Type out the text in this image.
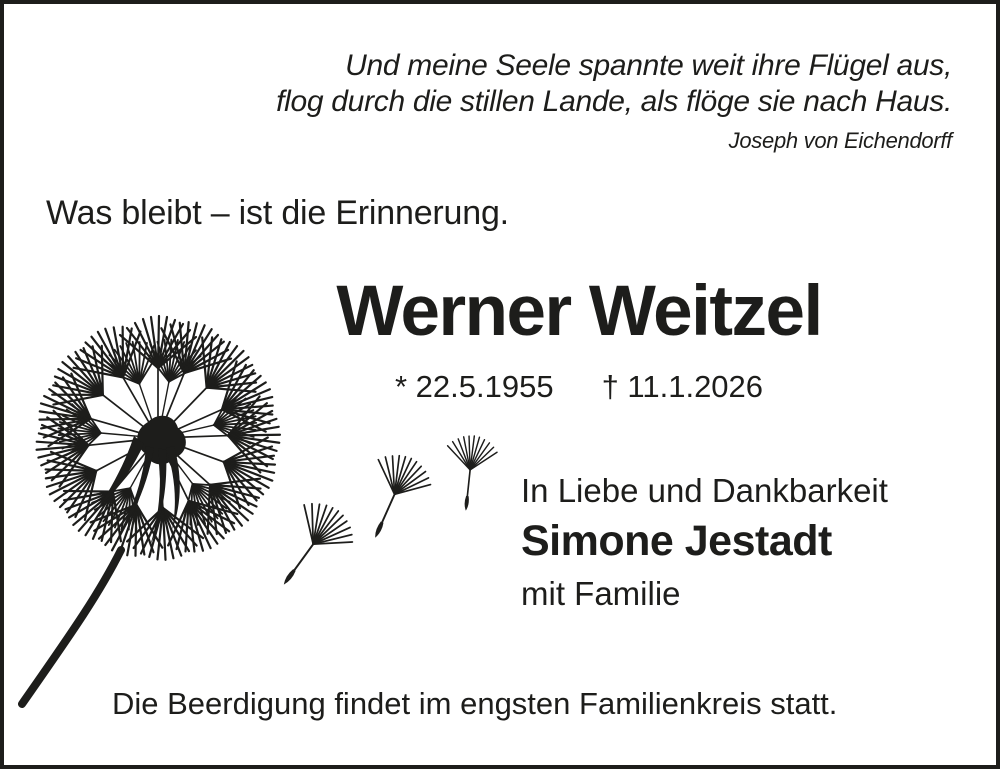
Und meine Seele spannte weit ihre Flügel aus,
flog durch die stillen Lande, als flöge sie nach Haus.
Joseph von Eichendorff
Was bleibt – ist die Erinnerung.
Werner Weitzel
* 22.5.1955 † 11.1.2026
In Liebe und Dankbarkeit
Simone Jestadt
mit Familie
Die Beerdigung findet im engsten Familienkreis statt.
